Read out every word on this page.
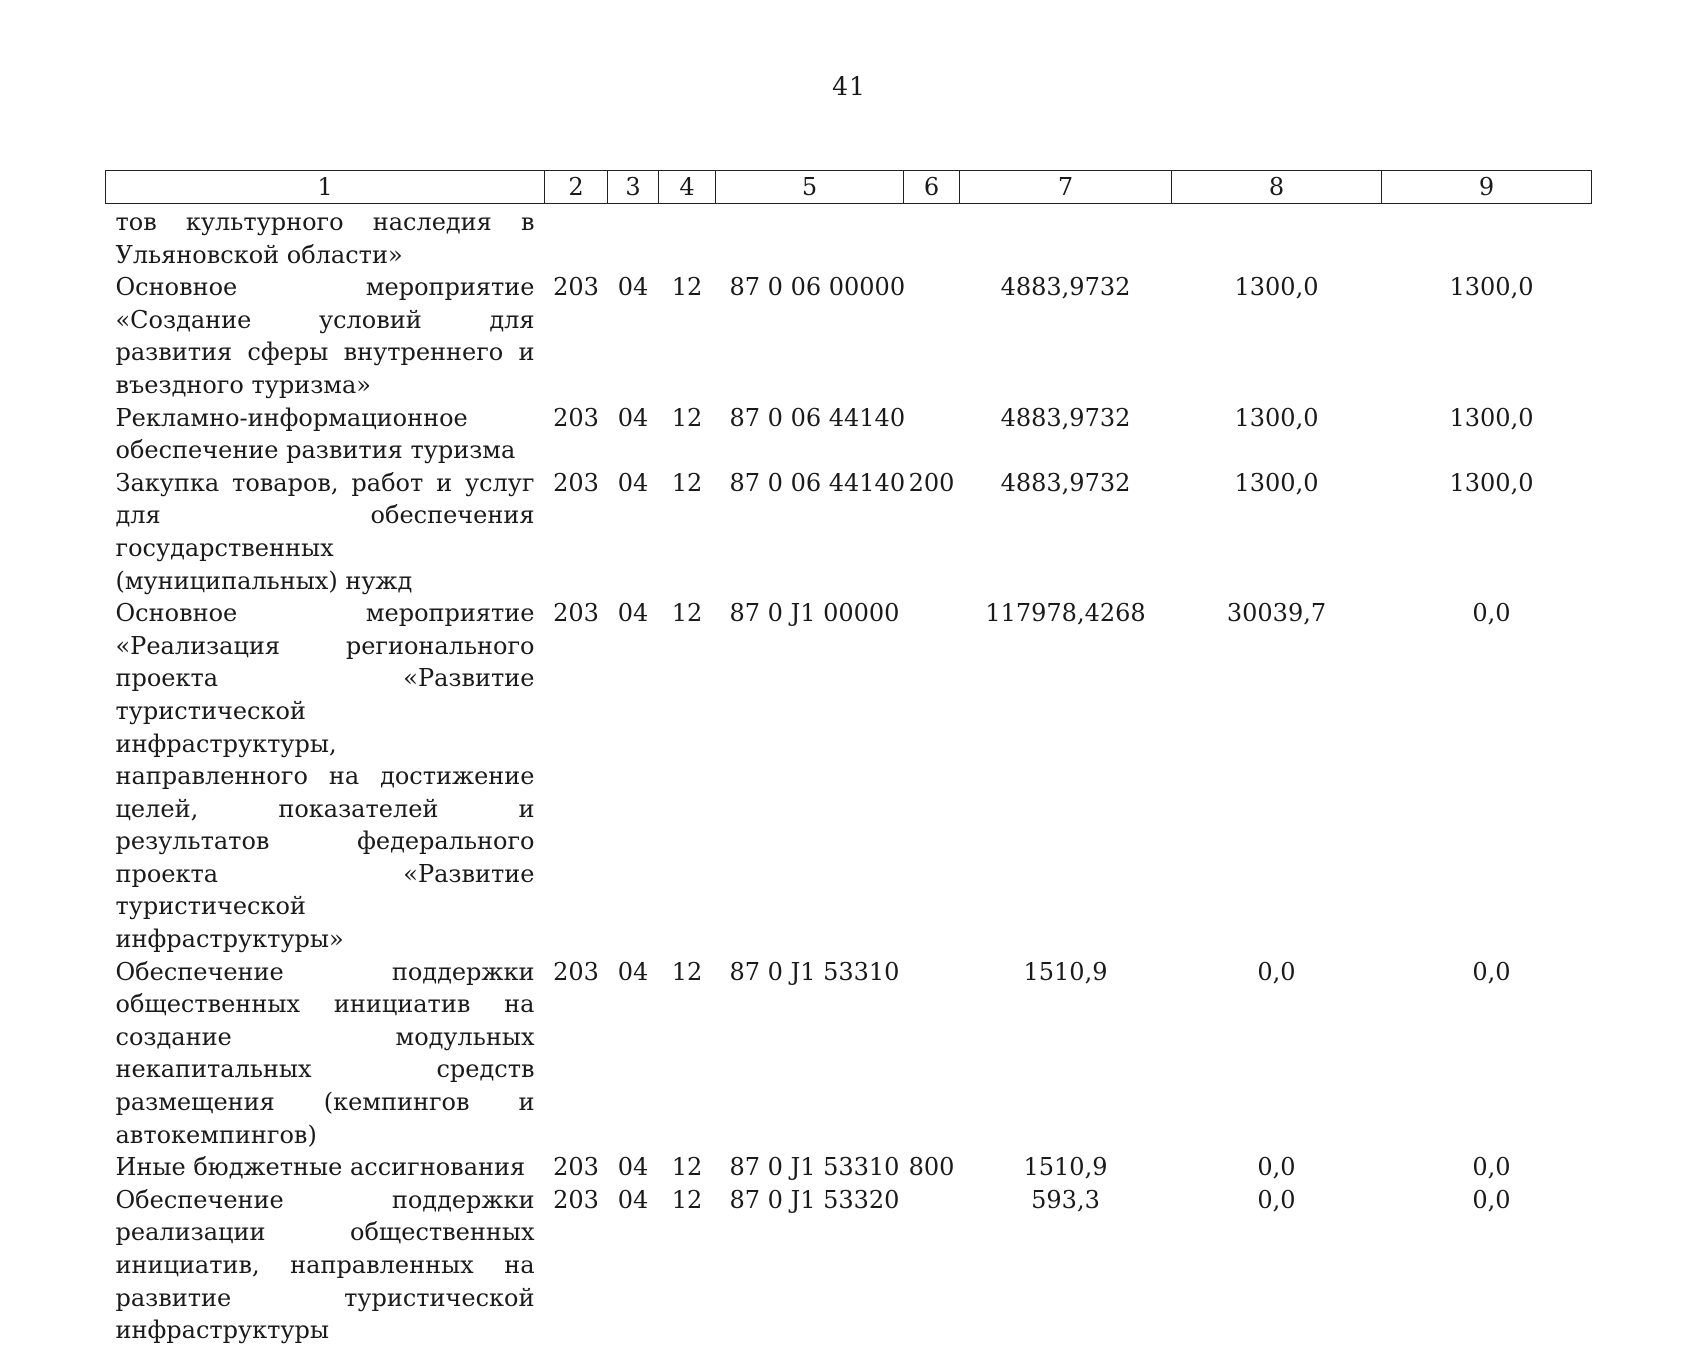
41
1	2	3	4	5	6	7	8	9
тов культурного наследия в Ульяновской области»								
Основное мероприятие «Создание условий для развития сферы внутреннего и въездного туризма»	203	04	12	87 0 06 00000		4883,9732	1300,0	1300,0
Рекламно-информационное обеспечение развития туризма	203	04	12	87 0 06 44140		4883,9732	1300,0	1300,0
Закупка товаров, работ и услуг для обеспечения государственных (муниципальных) нужд	203	04	12	87 0 06 44140	200	4883,9732	1300,0	1300,0
Основное мероприятие «Реализация регионального проекта «Развитие туристической инфраструктуры, направленного на достижение целей, показателей и результатов федерального проекта «Развитие туристической инфраструктуры»	203	04	12	87 0 J1 00000		117978,4268	30039,7	0,0
Обеспечение поддержки общественных инициатив на создание модульных некапитальных средств размещения (кемпингов и автокемпингов)	203	04	12	87 0 J1 53310		1510,9	0,0	0,0
Иные бюджетные ассигнования	203	04	12	87 0 J1 53310	800	1510,9	0,0	0,0
Обеспечение поддержки реализации общественных инициатив, направленных на развитие туристической инфраструктуры	203	04	12	87 0 J1 53320		593,3	0,0	0,0
